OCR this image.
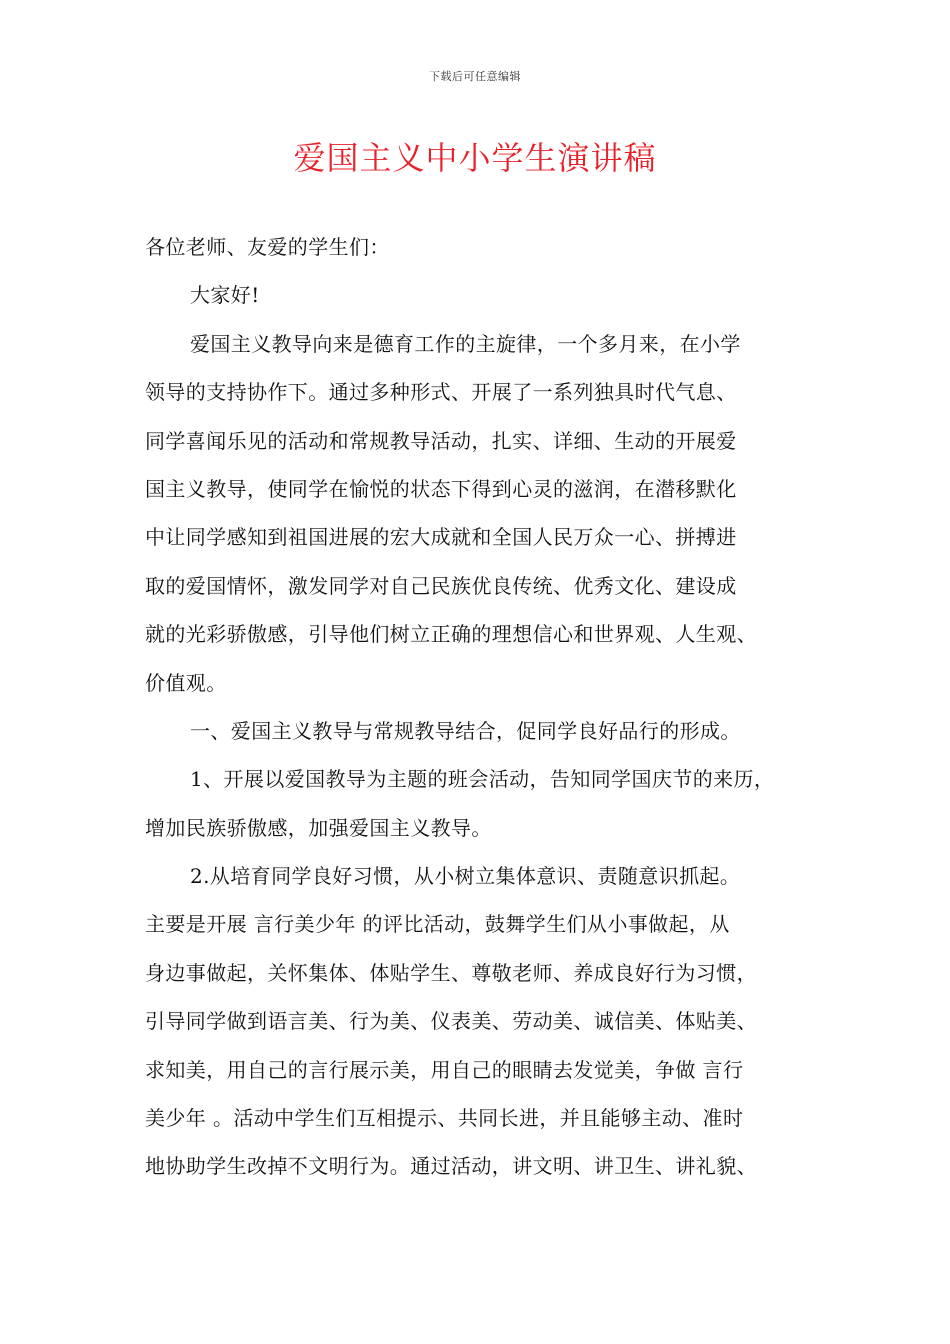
下载后可任意编辑
爱国主义中小学生演讲稿
各位老师、友爱的学生们：
大家好!
爱国主义教导向来是德育工作的主旋律，一个多月来，在小学
领导的支持协作下。通过多种形式、开展了一系列独具时代气息、
同学喜闻乐见的活动和常规教导活动，扎实、详细、生动的开展爱
国主义教导，使同学在愉悦的状态下得到心灵的滋润，在潜移默化
中让同学感知到祖国进展的宏大成就和全国人民万众一心、拼搏进
取的爱国情怀，激发同学对自己民族优良传统、优秀文化、建设成
就的光彩骄傲感，引导他们树立正确的理想信心和世界观、人生观、
价值观。
一、爱国主义教导与常规教导结合，促同学良好品行的形成。
1、开展以爱国教导为主题的班会活动，告知同学国庆节的来历，
增加民族骄傲感，加强爱国主义教导。
2.从培育同学良好习惯，从小树立集体意识、责随意识抓起。
主要是开展 言行美少年 的评比活动，鼓舞学生们从小事做起，从
身边事做起，关怀集体、体贴学生、尊敬老师、养成良好行为习惯，
引导同学做到语言美、行为美、仪表美、劳动美、诚信美、体贴美、
求知美，用自己的言行展示美，用自己的眼睛去发觉美，争做 言行
美少年 。活动中学生们互相提示、共同长进，并且能够主动、准时
地协助学生改掉不文明行为。通过活动，讲文明、讲卫生、讲礼貌、
